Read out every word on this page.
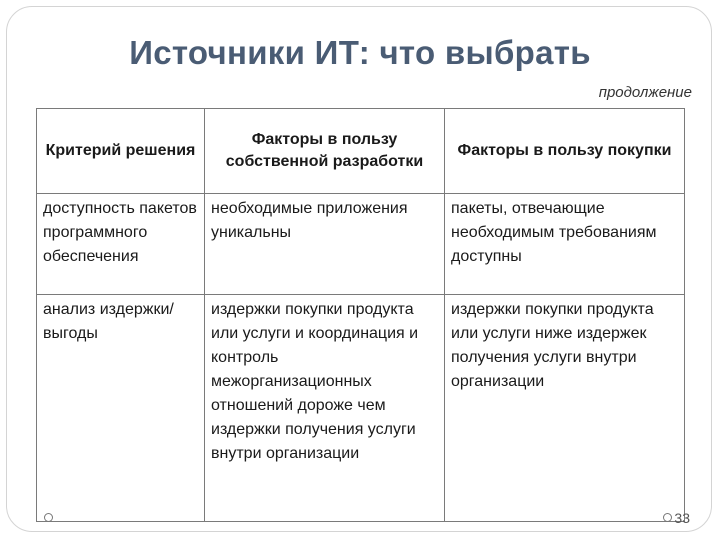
Источники ИТ: что выбрать
продолжение
Критерий решения	Факторы в пользу собственной разработки	Факторы в пользу покупки
доступность пакетов программного обеспечения	необходимые приложения уникальны	пакеты, отвечающие необходимым требованиям доступны
анализ издержки/ выгоды	издержки покупки продукта или услуги и координация и контроль межорганизационных отношений дороже чем издержки получения услуги внутри организации	издержки покупки продукта или услуги ниже издержек получения услуги внутри организации
33
